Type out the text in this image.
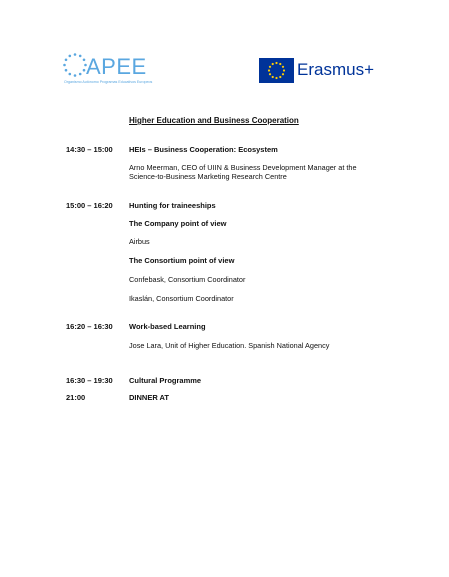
APEE
Organismo Autónomo Programas Educativos Europeos
Erasmus+
Higher Education and Business Cooperation
14:30 – 15:00 HEIs – Business Cooperation: Ecosystem
Arno Meerman, CEO of UIIN & Business Development Manager at the
Science-to-Business Marketing Research Centre
15:00 – 16:20 Hunting for traineeships
The Company point of view
Airbus
The Consortium point of view
Confebask, Consortium Coordinator
Ikaslán, Consortium Coordinator
16:20 – 16:30 Work-based Learning
Jose Lara, Unit of Higher Education. Spanish National Agency
16:30 – 19:30 Cultural Programme
21:00	DINNER AT
